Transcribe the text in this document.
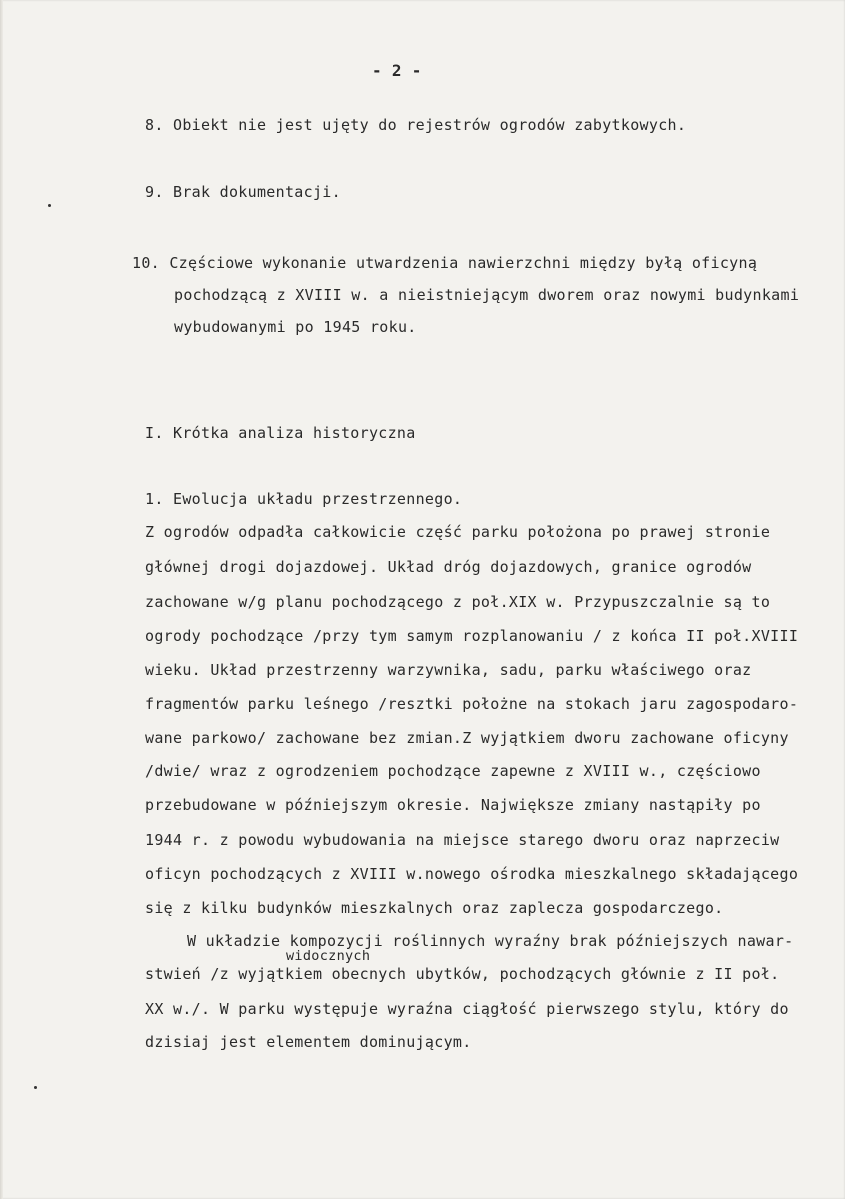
- 2 -
8. Obiekt nie jest ujęty do rejestrów ogrodów zabytkowych.
9. Brak dokumentacji.
10. Częściowe wykonanie utwardzenia nawierzchni między byłą oficyną
pochodzącą z XVIII w. a nieistniejącym dworem oraz nowymi budynkami
wybudowanymi po 1945 roku.
I. Krótka analiza historyczna
1. Ewolucja układu przestrzennego.
Z ogrodów odpadła całkowicie część parku położona po prawej stronie
głównej drogi dojazdowej. Układ dróg dojazdowych, granice ogrodów
zachowane w/g planu pochodzącego z poł.XIX w. Przypuszczalnie są to
ogrody pochodzące /przy tym samym rozplanowaniu / z końca II poł.XVIII
wieku. Układ przestrzenny warzywnika, sadu, parku właściwego oraz
fragmentów parku leśnego /resztki położne na stokach jaru zagospodaro-
wane parkowo/ zachowane bez zmian.Z wyjątkiem dworu zachowane oficyny
/dwie/ wraz z ogrodzeniem pochodzące zapewne z XVIII w., częściowo
przebudowane w późniejszym okresie. Największe zmiany nastąpiły po
1944 r. z powodu wybudowania na miejsce starego dworu oraz naprzeciw
oficyn pochodzących z XVIII w.nowego ośrodka mieszkalnego składającego
się z kilku budynków mieszkalnych oraz zaplecza gospodarczego.
W układzie kompozycji roślinnych wyraźny brak późniejszych nawar-
widocznych
stwień /z wyjątkiem obecnych ubytków, pochodzących głównie z II poł.
XX w./. W parku występuje wyraźna ciągłość pierwszego stylu, który do
dzisiaj jest elementem dominującym.
